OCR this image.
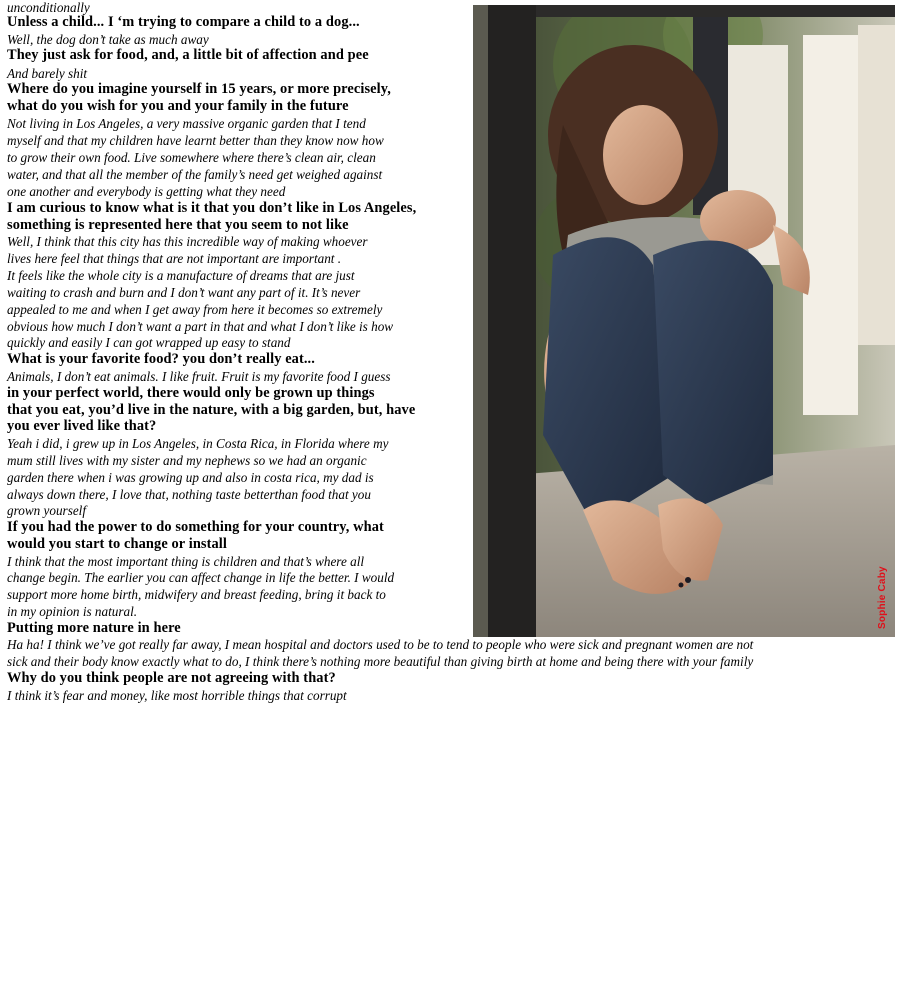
unconditionally

Unless a child... I ‘m trying to compare a child to a dog...

Well, the dog don’t take as much away

They just ask for food, and, a little bit of affection and pee

And barely shit

Where do you imagine yourself in 15 years, or more precisely,

what do you wish for you and your family in the future

Not living in Los Angeles, a very massive organic garden that I tend

myself and that my children have learnt better than they know now how

to grow their own food. Live somewhere where there’s clean air, clean

water, and that all the member of the family’s need get weighed against

one another and everybody is getting what they need

I am curious to know what is it that you don’t like in Los Angeles,

something is represented here that you seem to not like

Well, I think that this city has this incredible way of making whoever

lives here feel that things that are not important are important .

It feels like the whole city is a manufacture of dreams that are just

waiting to crash and burn and I don’t want any part of it. It’s never

appealed to me and when I get away from here it becomes so extremely

obvious how much I don’t want a part in that and what I don’t like is how

quickly and easily I can got wrapped up easy to stand

What is your favorite food? you don’t really eat...

Animals, I don’t eat animals. I like fruit. Fruit is my favorite food I guess

in your perfect world, there would only be grown up things

that you eat, you’d live in the nature, with a big garden, but, have

you ever lived like that?

Yeah i did, i grew up in Los Angeles, in Costa Rica, in Florida where my

mum still lives with my sister and my nephews so we had an organic

garden there when i was growing up and also in costa rica, my dad is

always down there, I love that, nothing taste betterthan food that you

grown yourself

If you had the power to do something for your country, what

would you start to change or install

I think that the most important thing is children and that’s where all

change begin. The earlier you can affect change in life the better. I would

support more home birth, midwifery and breast feeding, bring it back to

in my opinion is natural.

Putting more nature in here

Ha ha! I think we’ve got really far away, I mean hospital and doctors used to be to tend to people who were sick and pregnant women are not

sick and their body know exactly what to do, I think there’s nothing more beautiful than giving birth at home and being there with your family

Why do you think people are not agreeing with that?

I think it’s fear and money, like most horrible things that corrupt

Sophie Caby
